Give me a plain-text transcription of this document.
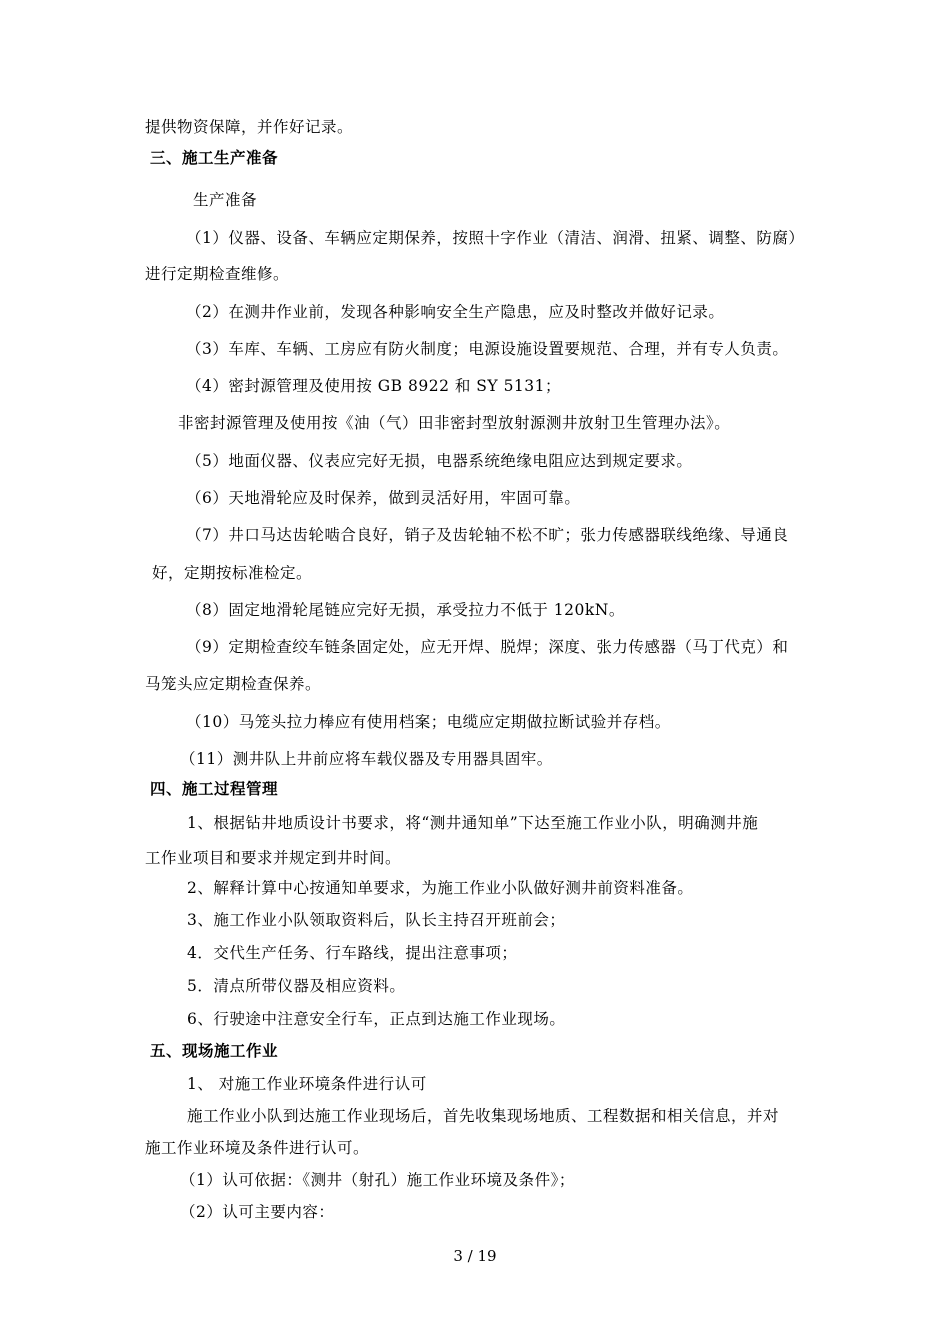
提供物资保障，并作好记录。
三、施工生产准备
生产准备
（1）仪器、设备、车辆应定期保养，按照十字作业（清洁、润滑、扭紧、调整、防腐）
进行定期检查维修。
（2）在测井作业前，发现各种影响安全生产隐患，应及时整改并做好记录。
（3）车库、车辆、工房应有防火制度；电源设施设置要规范、合理，并有专人负责。
（4）密封源管理及使用按 GB 8922 和 SY 5131；
非密封源管理及使用按《油（气）田非密封型放射源测井放射卫生管理办法》。
（5）地面仪器、仪表应完好无损，电器系统绝缘电阻应达到规定要求。
（6）天地滑轮应及时保养，做到灵活好用，牢固可靠。
（7）井口马达齿轮啮合良好，销子及齿轮轴不松不旷；张力传感器联线绝缘、导通良
好，定期按标准检定。
（8）固定地滑轮尾链应完好无损，承受拉力不低于 120kN。
（9）定期检查绞车链条固定处，应无开焊、脱焊；深度、张力传感器（马丁代克）和
马笼头应定期检查保养。
（10）马笼头拉力棒应有使用档案；电缆应定期做拉断试验并存档。
（11）测井队上井前应将车载仪器及专用器具固牢。
四、施工过程管理
1、根据钻井地质设计书要求，将“测井通知单”下达至施工作业小队，明确测井施
工作业项目和要求并规定到井时间。
2、解释计算中心按通知单要求，为施工作业小队做好测井前资料准备。
3、施工作业小队领取资料后，队长主持召开班前会；
4．交代生产任务、行车路线，提出注意事项；
5．清点所带仪器及相应资料。
6、行驶途中注意安全行车，正点到达施工作业现场。
五、现场施工作业
1、 对施工作业环境条件进行认可
施工作业小队到达施工作业现场后，首先收集现场地质、工程数据和相关信息，并对
施工作业环境及条件进行认可。
（1）认可依据：《测井（射孔）施工作业环境及条件》；
（2）认可主要内容：
3 / 19
